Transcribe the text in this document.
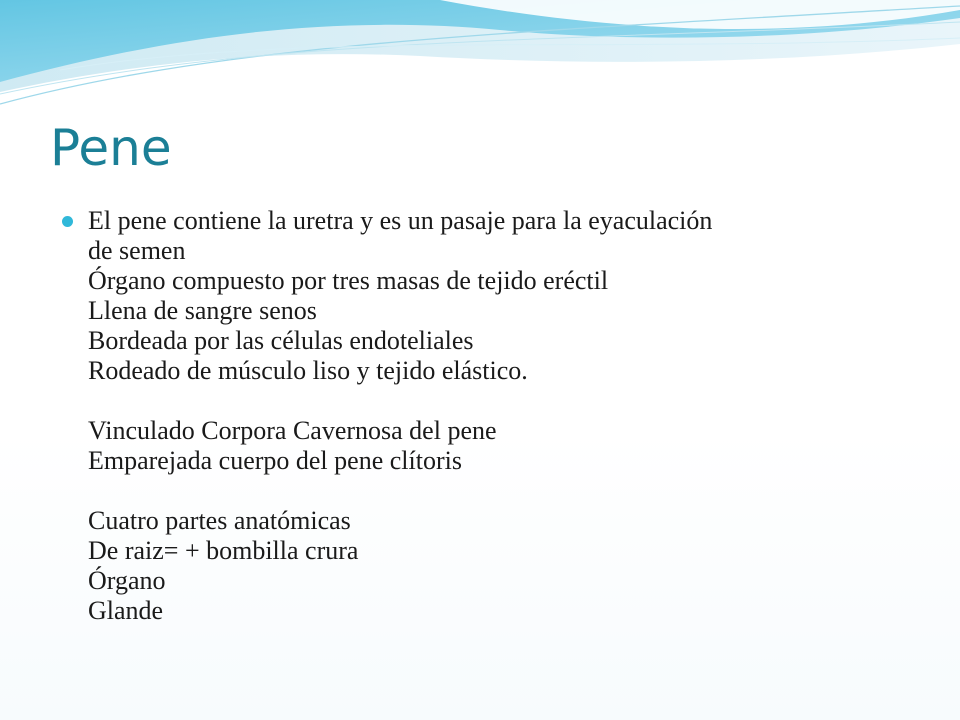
Pene
El pene contiene la uretra y es un pasaje para la eyaculación
de semen
Órgano compuesto por tres masas de tejido eréctil
Llena de sangre senos
Bordeada por las células endoteliales
Rodeado de músculo liso y tejido elástico.
Vinculado Corpora Cavernosa del pene
Emparejada cuerpo del pene clítoris
Cuatro partes anatómicas
De raiz= + bombilla crura
Órgano
Glande
